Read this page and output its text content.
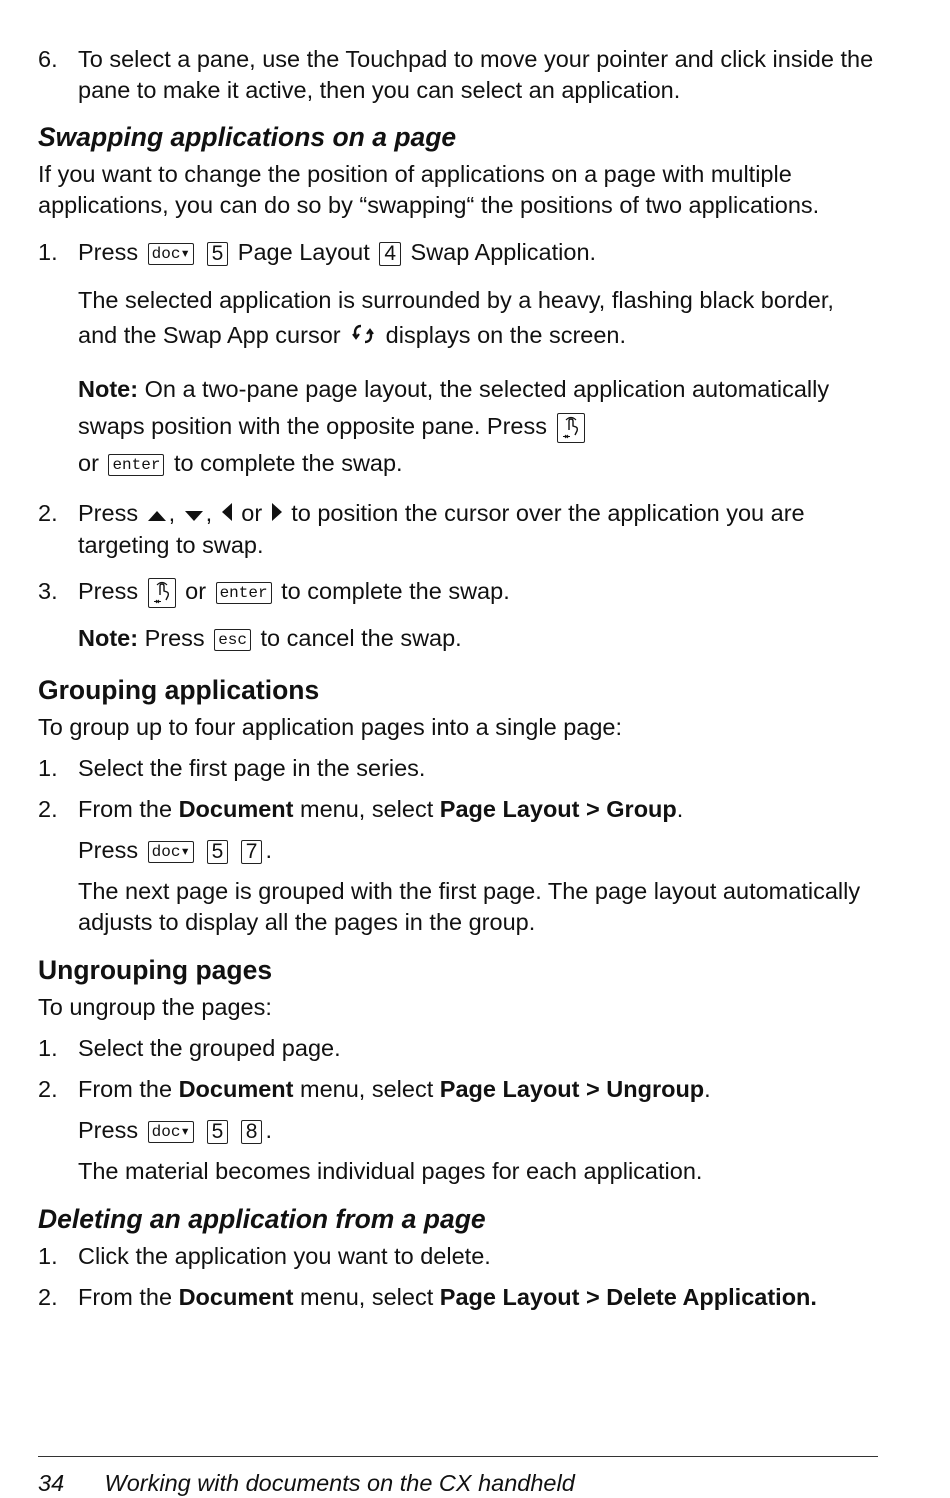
6. To select a pane, use the Touchpad to move your pointer and click inside the pane to make it active, then you can select an application.
Swapping applications on a page

If you want to change the position of applications on a page with multiple applications, you can do so by “swapping“ the positions of two applications.

1. Press doc▾ 5 Page Layout 4 Swap Application.

The selected application is surrounded by a heavy, flashing black border, and the Swap App cursor displays on the screen.

Note: On a two-pane page layout, the selected application automatically swaps position with the opposite pane. Press

or enter to complete the swap.

2. Press , , or to position the cursor over the application you are targeting to swap.
3. Press or enter to complete the swap.

Note: Press esc to cancel the swap.

Grouping applications

To group up to four application pages into a single page:

1. Select the first page in the series.
2. From the Document menu, select Page Layout > Group.

Press doc▾ 5 7 .

The next page is grouped with the first page. The page layout automatically adjusts to display all the pages in the group.

Ungrouping pages

To ungroup the pages:

1. Select the grouped page.
2. From the Document menu, select Page Layout > Ungroup.

Press doc▾ 5 8 .

The material becomes individual pages for each application.

Deleting an application from a page
1. Click the application you want to delete.
2. From the Document menu, select Page Layout > Delete Application.
34 Working with documents on the CX handheld
